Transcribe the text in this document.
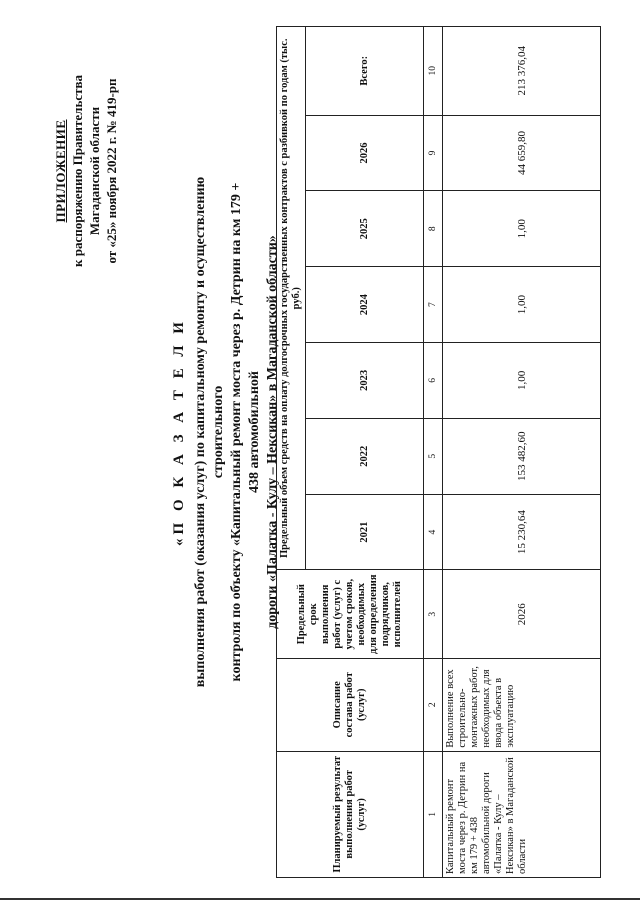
ПРИЛОЖЕНИЕ к распоряжению Правительства Магаданской области от «25» ноября 2022 г. № 419-рп
«П О К А З А Т Е Л И выполнения работ (оказания услуг) по капитальному ремонту и осуществлению строительного контроля по объекту «Капитальный ремонт моста через р. Детрин на км 179 + 438 автомобильной дороги «Палатка - Кулу – Нексикан» в Магаданской области»
Планируемый результат выполнения работ (услуг)	Описание состава работ (услуг)	Предельный срок выполнения работ (услуг) с учетом сроков, необходимых для определения подрядчиков, исполнителей	Предельный объем средств на оплату долгосрочных государственных контрактов с разбивкой по годам (тыс. руб.)						
			2021	2022	2023	2024	2025	2026	Всего:
1	2	3	4	5	6	7	8	9	10
Капитальный ремонт моста через р. Детрин на км 179 + 438 автомобильной дороги «Палатка - Кулу – Нексикан» в Магаданской области	Выполнение всех строительно-монтажных работ, необходимых для ввода объекта в эксплуатацию	2026	15 230,64	153 482,60	1,00	1,00	1,00	44 659,80	213 376,04
